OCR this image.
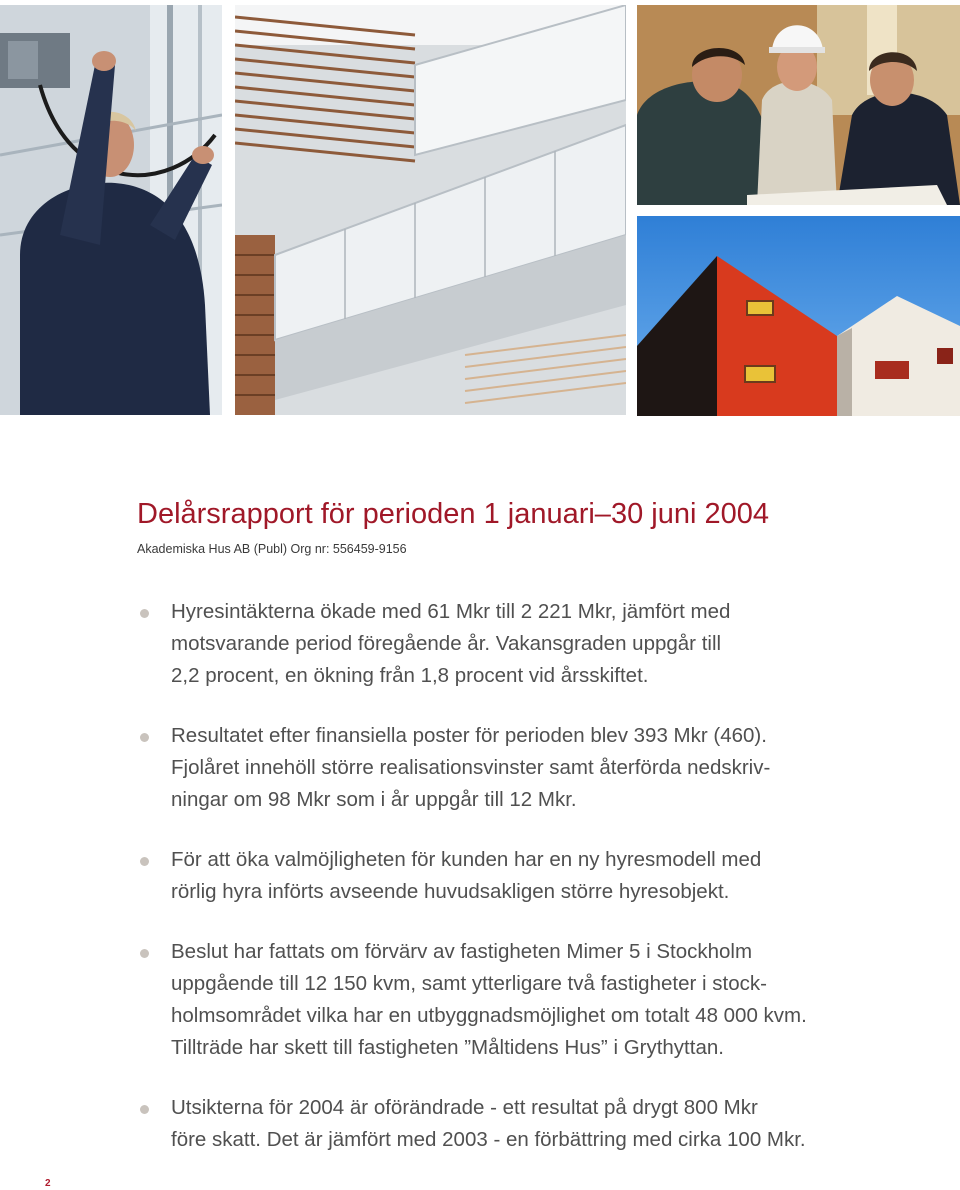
Delårsrapport för perioden 1 januari–30 juni 2004

Akademiska Hus AB (Publ) Org nr: 556459-9156

Hyresintäkterna ökade med 61 Mkr till 2 221 Mkr, jämfört med
motsvarande period föregående år. Vakansgraden uppgår till
2,2 procent, en ökning från 1,8 procent vid årsskiftet.
Resultatet efter finansiella poster för perioden blev 393 Mkr (460).
Fjolåret innehöll större realisationsvinster samt återförda nedskriv-
ningar om 98 Mkr som i år uppgår till 12 Mkr.
För att öka valmöjligheten för kunden har en ny hyresmodell med
rörlig hyra införts avseende huvudsakligen större hyresobjekt.
Beslut har fattats om förvärv av fastigheten Mimer 5 i Stockholm
uppgående till 12 150 kvm, samt ytterligare två fastigheter i stock-
holmsområdet vilka har en utbyggnadsmöjlighet om totalt 48 000 kvm.
Tillträde har skett till fastigheten ”Måltidens Hus” i Grythyttan.
Utsikterna för 2004 är oförändrade - ett resultat på drygt 800 Mkr
före skatt. Det är jämfört med 2003 - en förbättring med cirka 100 Mkr.
2
